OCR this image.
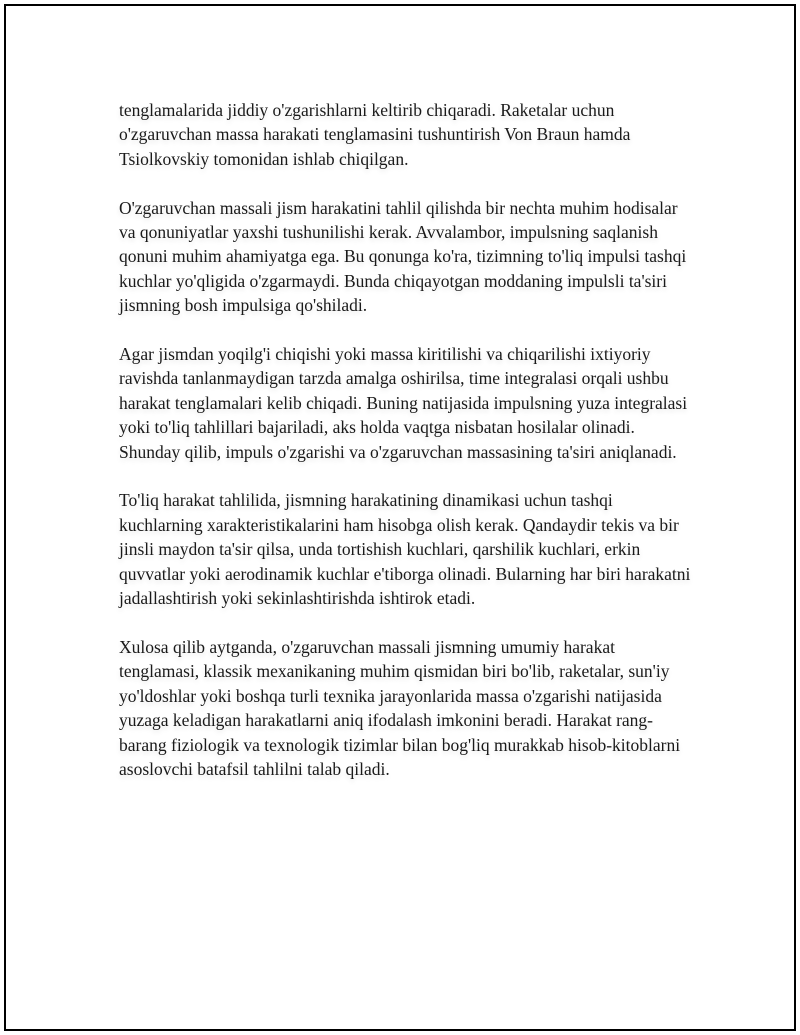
tenglamalarida jiddiy o'zgarishlarni keltirib chiqaradi. Raketalar uchun o'zgaruvchan massa harakati tenglamasini tushuntirish Von Braun hamda Tsiolkovskiy tomonidan ishlab chiqilgan.

O'zgaruvchan massali jism harakatini tahlil qilishda bir nechta muhim hodisalar va qonuniyatlar yaxshi tushunilishi kerak. Avvalambor, impulsning saqlanish qonuni muhim ahamiyatga ega. Bu qonunga ko'ra, tizimning to'liq impulsi tashqi kuchlar yo'qligida o'zgarmaydi. Bunda chiqayotgan moddaning impulsli ta'siri jismning bosh impulsiga qo'shiladi.

Agar jismdan yoqilg'i chiqishi yoki massa kiritilishi va chiqarilishi ixtiyoriy ravishda tanlanmaydigan tarzda amalga oshirilsa, time integralasi orqali ushbu harakat tenglamalari kelib chiqadi. Buning natijasida impulsning yuza integralasi yoki to'liq tahlillari bajariladi, aks holda vaqtga nisbatan hosilalar olinadi. Shunday qilib, impuls o'zgarishi va o'zgaruvchan massasining ta'siri aniqlanadi.

To'liq harakat tahlilida, jismning harakatining dinamikasi uchun tashqi kuchlarning xarakteristikalarini ham hisobga olish kerak. Qandaydir tekis va bir jinsli maydon ta'sir qilsa, unda tortishish kuchlari, qarshilik kuchlari, erkin quvvatlar yoki aerodinamik kuchlar e'tiborga olinadi. Bularning har biri harakatni jadallashtirish yoki sekinlashtirishda ishtirok etadi.

Xulosa qilib aytganda, o'zgaruvchan massali jismning umumiy harakat tenglamasi, klassik mexanikaning muhim qismidan biri bo'lib, raketalar, sun'iy yo'ldoshlar yoki boshqa turli texnika jarayonlarida massa o'zgarishi natijasida yuzaga keladigan harakatlarni aniq ifodalash imkonini beradi. Harakat rang-barang fiziologik va texnologik tizimlar bilan bog'liq murakkab hisob-kitoblarni asoslovchi batafsil tahlilni talab qiladi.
